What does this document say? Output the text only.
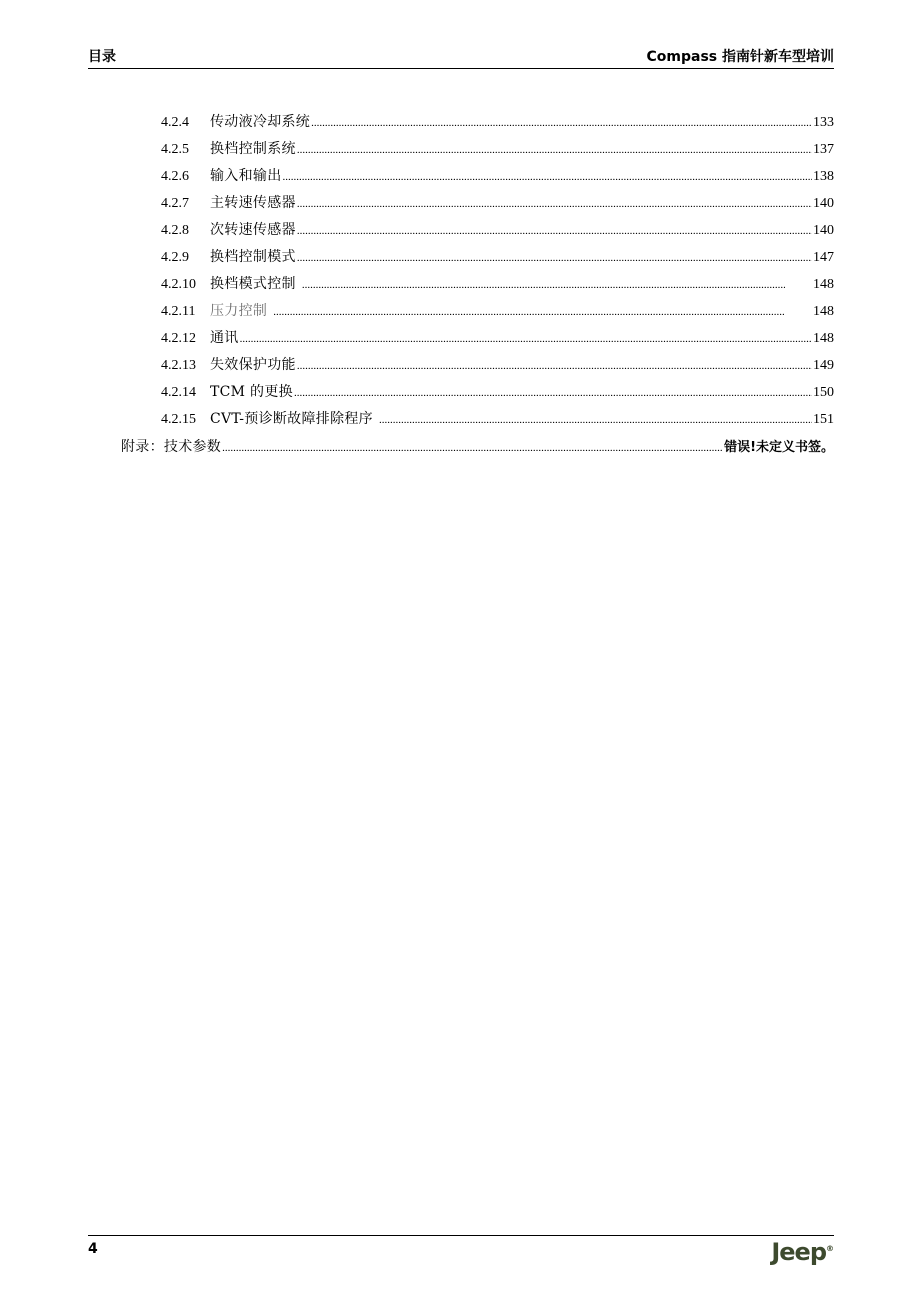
目录	Compass 指南针新车型培训
4.2.4	传动液冷却系统 .....	133
4.2.5	换档控制系统 .....	137
4.2.6	输入和输出 .....	138
4.2.7	主转速传感器 .....	140
4.2.8	次转速传感器 .....	140
4.2.9	换档控制模式 .....	147
4.2.10	换档模式控制 .....	148
4.2.11	压力控制 .....	148
4.2.12	通讯 .....	148
4.2.13	失效保护功能 .....	149
4.2.14	TCM 的更换 .....	150
4.2.15	CVT-预诊断故障排除程序 .....	151
附录：技术参数 .....	错误!未定义书签。
4	Jeep®
